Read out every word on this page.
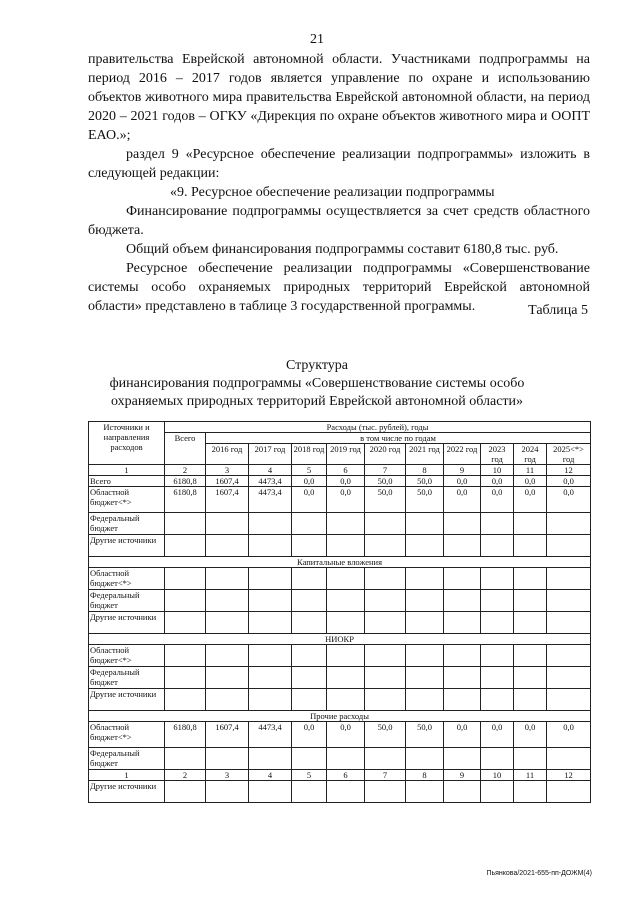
21

правительства Еврейской автономной области. Участниками подпрограммы на период 2016 – 2017 годов является управление по охране и использованию объектов животного мира правительства Еврейской автономной области, на период 2020 – 2021 годов – ОГКУ «Дирекция по охране объектов животного мира и ООПТ ЕАО.»;

раздел 9 «Ресурсное обеспечение реализации подпрограммы» изложить в следующей редакции:

«9. Ресурсное обеспечение реализации подпрограммы

Финансирование подпрограммы осуществляется за счет средств областного бюджета.

Общий объем финансирования подпрограммы составит 6180,8 тыс. руб.

Ресурсное обеспечение реализации подпрограммы «Совершенствование системы особо охраняемых природных территорий Еврейской автономной области» представлено в таблице 3 государственной программы.	Таблица 5
Структура
финансирования подпрограммы «Совершенствование системы особо
охраняемых природных территорий Еврейской автономной области»
Источники и направления расходов	Расходы (тыс. рублей), годы										
	Всего	в том числе по годам									
		2016 год	2017 год	2018 год	2019 год	2020 год	2021 год	2022 год	2023 год	2024 год	2025<*> год
1	2	3	4	5	6	7	8	9	10	11	12
Всего	6180,8	1607,4	4473,4	0,0	0,0	50,0	50,0	0,0	0,0	0,0	0,0
Областной бюджет<*>	6180,8	1607,4	4473,4	0,0	0,0	50,0	50,0	0,0	0,0	0,0	0,0
Федеральный бюджет											
Другие источники											
Капитальные вложения											
Областной бюджет<*>											
Федеральный бюджет											
Другие источники											
НИОКР											
Областной бюджет<*>											
Федеральный бюджет											
Другие источники											
Прочие расходы											
Областной бюджет<*>	6180,8	1607,4	4473,4	0,0	0,0	50,0	50,0	0,0	0,0	0,0	0,0
Федеральный бюджет											
1	2	3	4	5	6	7	8	9	10	11	12
Другие источники											
Пьянкова/2021-655-пп-ДОЖМ(4)
